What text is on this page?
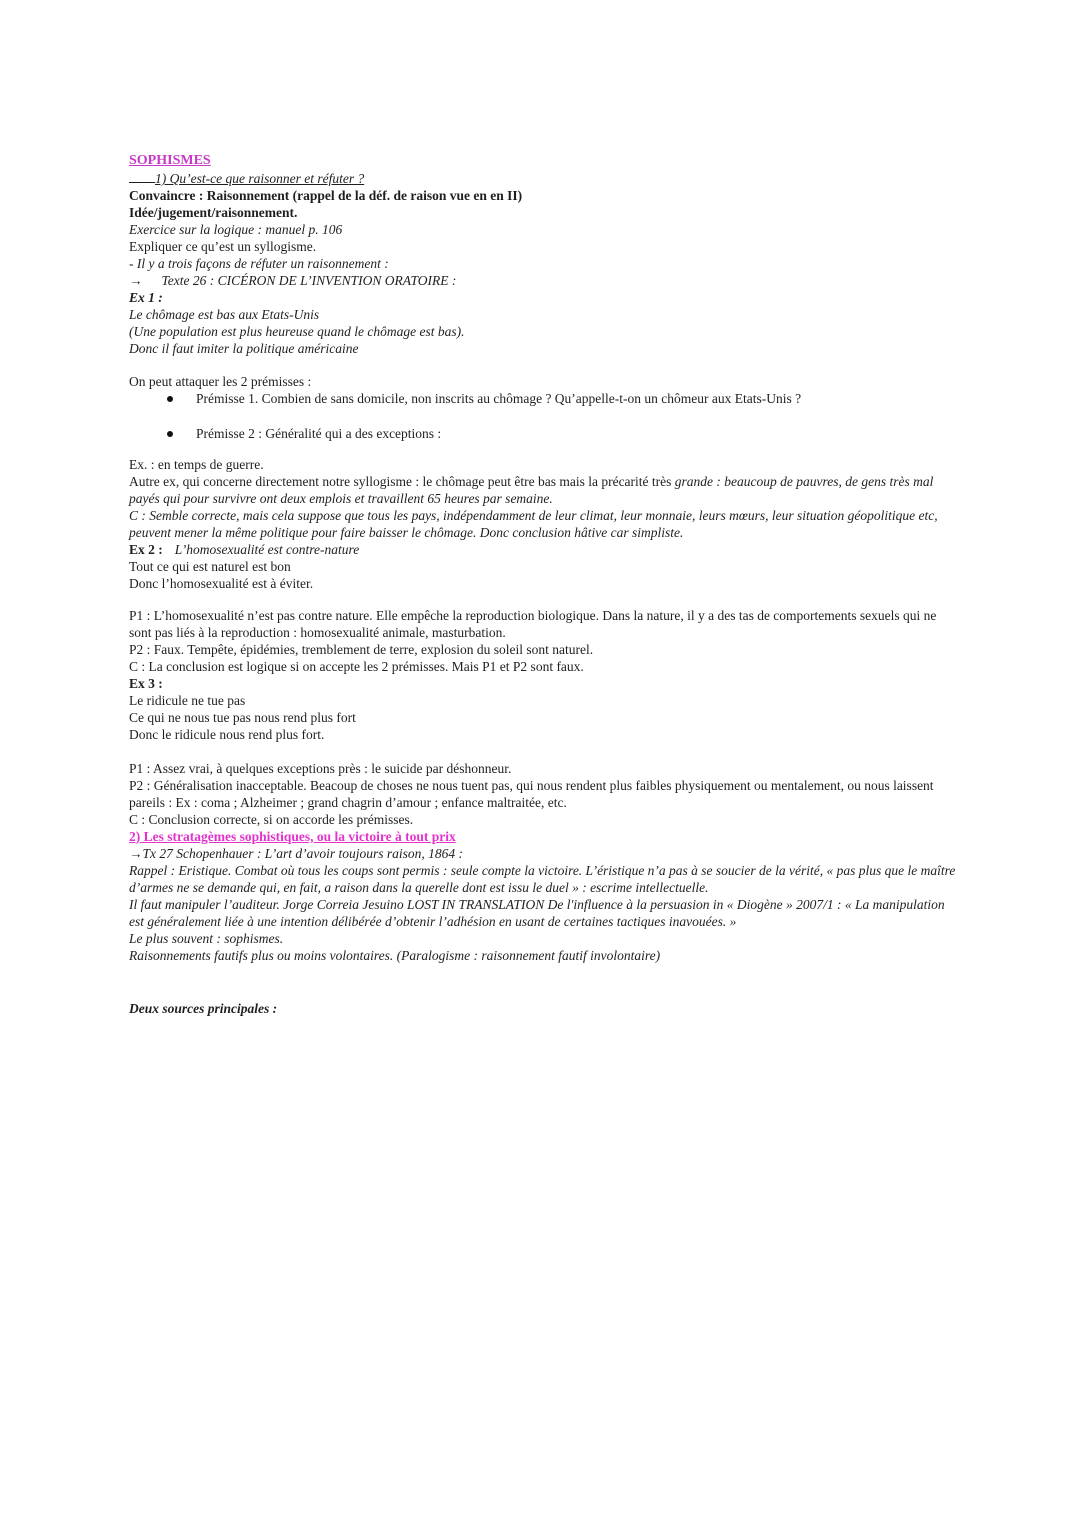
SOPHISMES

1) Qu’est-ce que raisonner et réfuter ?

Convaincre : Raisonnement (rappel de la déf. de raison vue en en II)

Idée/jugement/raisonnement.

Exercice sur la logique : manuel p. 106

Expliquer ce qu’est un syllogisme.

- Il y a trois façons de réfuter un raisonnement :

→ Texte 26 : CICÉRON DE L’INVENTION ORATOIRE :

Ex 1 :

Le chômage est bas aux Etats-Unis

(Une population est plus heureuse quand le chômage est bas).

Donc il faut imiter la politique américaine

On peut attaquer les 2 prémisses :

Prémisse 1. Combien de sans domicile, non inscrits au chômage ? Qu’appelle-t-on un chômeur aux Etats-Unis ?
Prémisse 2 : Généralité qui a des exceptions :

Ex. : en temps de guerre.

Autre ex, qui concerne directement notre syllogisme : le chômage peut être bas mais la précarité très grande : beaucoup de pauvres, de gens très mal payés qui pour survivre ont deux emplois et travaillent 65 heures par semaine.

C : Semble correcte, mais cela suppose que tous les pays, indépendamment de leur climat, leur monnaie, leurs mœurs, leur situation géopolitique etc, peuvent mener la même politique pour faire baisser le chômage. Donc conclusion hâtive car simpliste.

Ex 2 : L’homosexualité est contre-nature

Tout ce qui est naturel est bon

Donc l’homosexualité est à éviter.

P1 : L’homosexualité n’est pas contre nature. Elle empêche la reproduction biologique. Dans la nature, il y a des tas de comportements sexuels qui ne sont pas liés à la reproduction : homosexualité animale, masturbation.

P2 : Faux. Tempête, épidémies, tremblement de terre, explosion du soleil sont naturel.

C : La conclusion est logique si on accepte les 2 prémisses. Mais P1 et P2 sont faux.

Ex 3 :

Le ridicule ne tue pas

Ce qui ne nous tue pas nous rend plus fort

Donc le ridicule nous rend plus fort.

P1 : Assez vrai, à quelques exceptions près : le suicide par déshonneur.

P2 : Généralisation inacceptable. Beacoup de choses ne nous tuent pas, qui nous rendent plus faibles physiquement ou mentalement, ou nous laissent pareils : Ex : coma ; Alzheimer ; grand chagrin d’amour ; enfance maltraitée, etc.

C : Conclusion correcte, si on accorde les prémisses.

2) Les stratagèmes sophistiques, ou la victoire à tout prix

→Tx 27 Schopenhauer : L’art d’avoir toujours raison, 1864 :

Rappel : Eristique. Combat où tous les coups sont permis : seule compte la victoire. L’éristique n’a pas à se soucier de la vérité, « pas plus que le maître d’armes ne se demande qui, en fait, a raison dans la querelle dont est issu le duel » : escrime intellectuelle.

Il faut manipuler l’auditeur. Jorge Correia Jesuino LOST IN TRANSLATION De l'influence à la persuasion in « Diogène » 2007/1 : « La manipulation est généralement liée à une intention délibérée d’obtenir l’adhésion en usant de certaines tactiques inavouées. »

Le plus souvent : sophismes.

Raisonnements fautifs plus ou moins volontaires. (Paralogisme : raisonnement fautif involontaire)

Deux sources principales :
